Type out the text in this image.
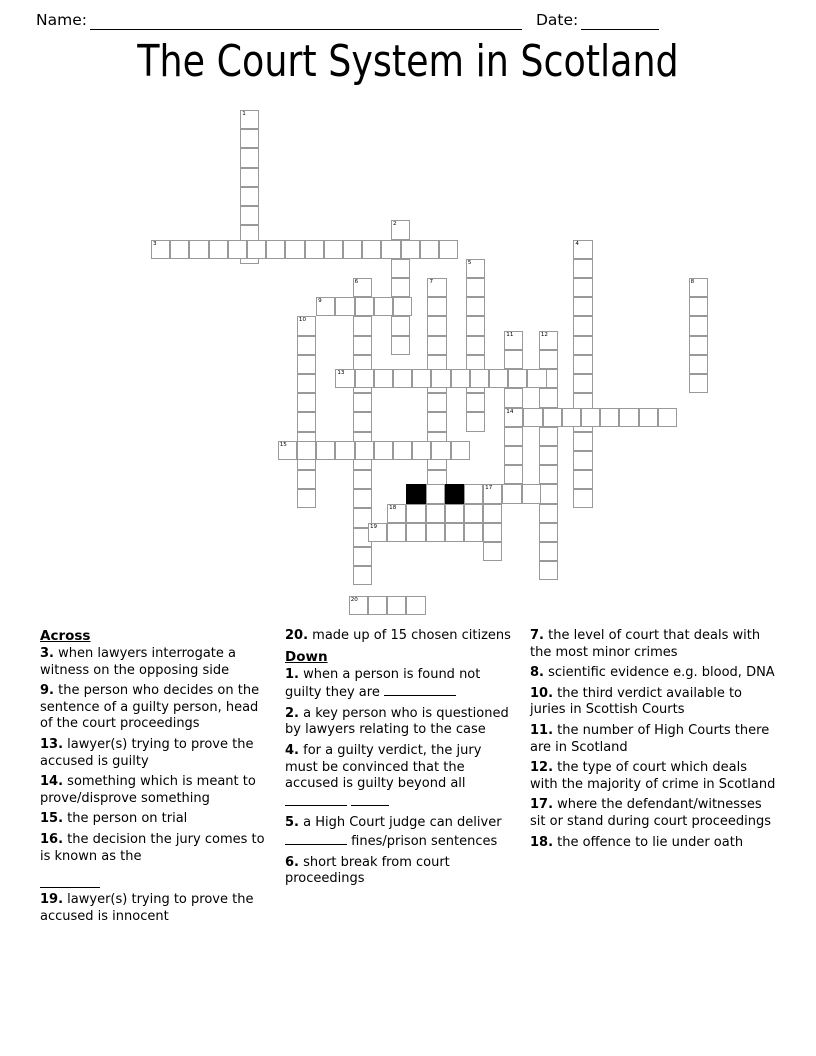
Name:	Date:
The Court System in Scotland
1
2
3	4
5
6	7	8
9
10
11
14
12
13
15
16	17
18
19
20
Across
3. when lawyers interrogate a witness on the opposing side
9. the person who decides on the sentence of a guilty person, head of the court proceedings
13. lawyer(s) trying to prove the accused is guilty
14. something which is meant to prove/disprove something
15. the person on trial
16. the decision the jury comes to is known as the
19. lawyer(s) trying to prove the accused is innocent
20. made up of 15 chosen citizens
Down
1. when a person is found not guilty they are
2. a key person who is questioned by lawyers relating to the case
4. for a guilty verdict, the jury must be convinced that the accused is guilty beyond all
5. a High Court judge can deliver  fines/prison sentences
6. short break from court proceedings
7. the level of court that deals with the most minor crimes
8. scientific evidence e.g. blood, DNA
10. the third verdict available to juries in Scottish Courts
11. the number of High Courts there are in Scotland
12. the type of court which deals with the majority of crime in Scotland
17. where the defendant/witnesses sit or stand during court proceedings
18. the offence to lie under oath
